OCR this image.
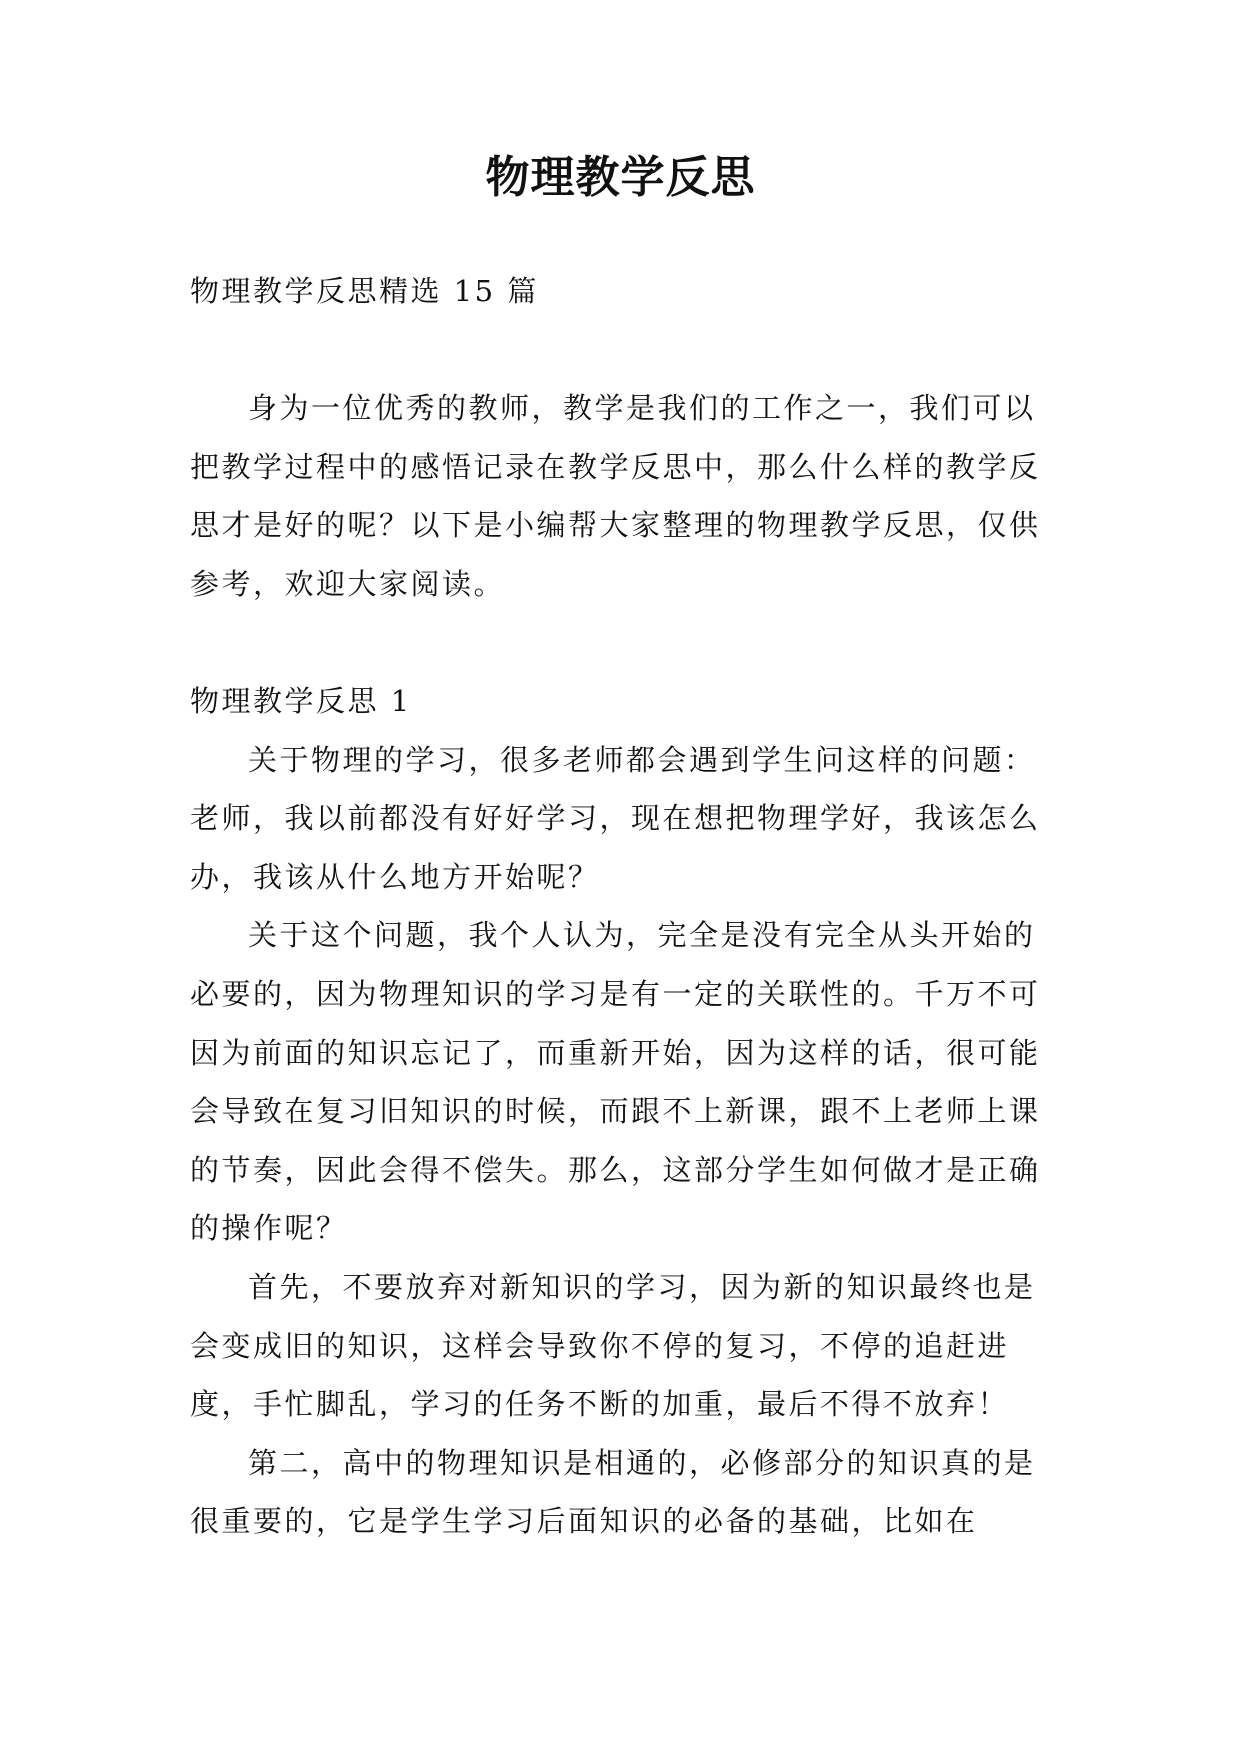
物理教学反思

物理教学反思精选 15 篇

身为一位优秀的教师，教学是我们的工作之一，我们可以把教学过程中的感悟记录在教学反思中，那么什么样的教学反思才是好的呢？以下是小编帮大家整理的物理教学反思，仅供参考，欢迎大家阅读。

物理教学反思 1

关于物理的学习，很多老师都会遇到学生问这样的问题：老师，我以前都没有好好学习，现在想把物理学好，我该怎么办，我该从什么地方开始呢？

关于这个问题，我个人认为，完全是没有完全从头开始的必要的，因为物理知识的学习是有一定的关联性的。千万不可因为前面的知识忘记了，而重新开始，因为这样的话，很可能会导致在复习旧知识的时候，而跟不上新课，跟不上老师上课的节奏，因此会得不偿失。那么，这部分学生如何做才是正确的操作呢？

首先，不要放弃对新知识的学习，因为新的知识最终也是会变成旧的知识，这样会导致你不停的复习，不停的追赶进度，手忙脚乱，学习的任务不断的加重，最后不得不放弃！

第二，高中的物理知识是相通的，必修部分的知识真的是很重要的，它是学生学习后面知识的必备的基础，比如在
